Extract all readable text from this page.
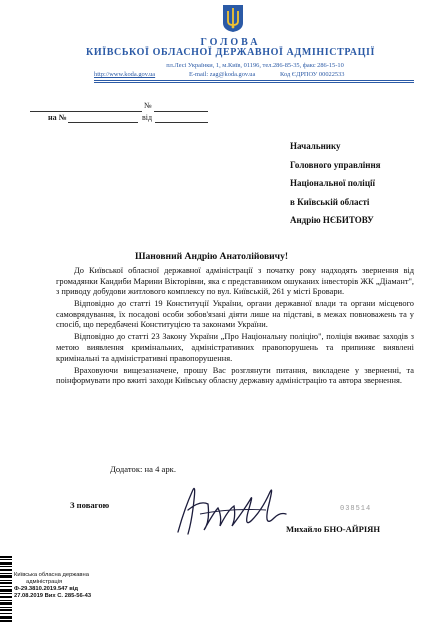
ГОЛОВА
КИЇВСЬКОЇ ОБЛАСНОЇ ДЕРЖАВНОЇ АДМІНІСТРАЦІЇ
пл.Лесі Українки, 1, м.Київ, 01196, тел.286-85-35, факс 286-15-10
http://www.koda.gov.ua	E-mail: zag@koda.gov.ua	Код ЄДРПОУ 00022533
№
на №	від
Начальнику
Головного управління
Національної поліції
в Київській області
Андрію НЄБИТОВУ
Шановний Андрію Анатолійовичу!

До Київської обласної державної адміністрації з початку року надходять звернення від громадянки Кандиби Марини Вікторівни, яка є представником ошуканих інвесторів ЖК „Діамант", з приводу добудови житлового комплексу по вул. Київській, 261 у місті Бровари.

Відповідно до статті 19 Конституції України, органи державної влади та органи місцевого самоврядування, їх посадові особи зобов'язані діяти лише на підставі, в межах повноважень та у спосіб, що передбачені Конституцією та законами України.

Відповідно до статті 23 Закону України „Про Національну поліцію", поліція вживає заходів з метою виявлення кримінальних, адміністративних правопорушень та припиняє виявлені кримінальні та адміністративні правопорушення.

Враховуючи вищезазначене, прошу Вас розглянути питання, викладене у зверненні, та поінформувати про вжиті заходи Київську обласну державну адміністрацію та автора звернення.

Додаток: на 4 арк.
З повагою
Михайло БНО-АЙРІЯН
038514
Київська обласна державна
адміністрація
Ф-29.3810.2019.547 від
27.08.2019 Вих С. 285-56-43
